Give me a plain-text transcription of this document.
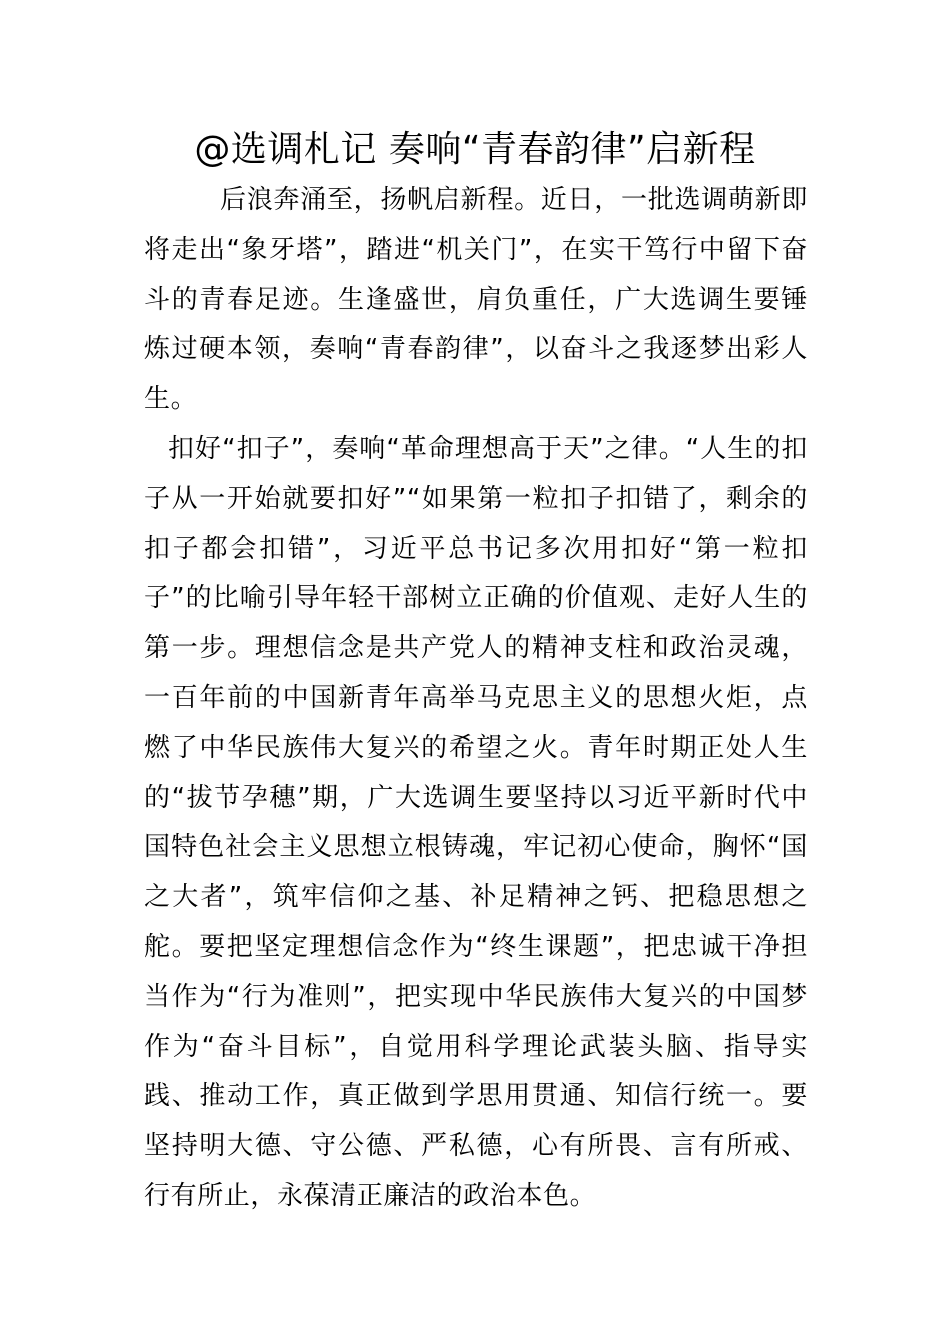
@选调札记 奏响“青春韵律”启新程

后浪奔涌至，扬帆启新程。近日，一批选调萌新即将走出“象牙塔”，踏进“机关门”，在实干笃行中留下奋斗的青春足迹。生逢盛世，肩负重任，广大选调生要锤炼过硬本领，奏响“青春韵律”，以奋斗之我逐梦出彩人生。

扣好“扣子”，奏响“革命理想高于天”之律。“人生的扣子从一开始就要扣好”“如果第一粒扣子扣错了，剩余的扣子都会扣错”，习近平总书记多次用扣好“第一粒扣子”的比喻引导年轻干部树立正确的价值观、走好人生的第一步。理想信念是共产党人的精神支柱和政治灵魂，一百年前的中国新青年高举马克思主义的思想火炬，点燃了中华民族伟大复兴的希望之火。青年时期正处人生的“拔节孕穗”期，广大选调生要坚持以习近平新时代中国特色社会主义思想立根铸魂，牢记初心使命，胸怀“国之大者”，筑牢信仰之基、补足精神之钙、把稳思想之舵。要把坚定理想信念作为“终生课题”，把忠诚干净担当作为“行为准则”，把实现中华民族伟大复兴的中国梦作为“奋斗目标”，自觉用科学理论武装头脑、指导实践、推动工作，真正做到学思用贯通、知信行统一。要坚持明大德、守公德、严私德，心有所畏、言有所戒、行有所止，永葆清正廉洁的政治本色。
